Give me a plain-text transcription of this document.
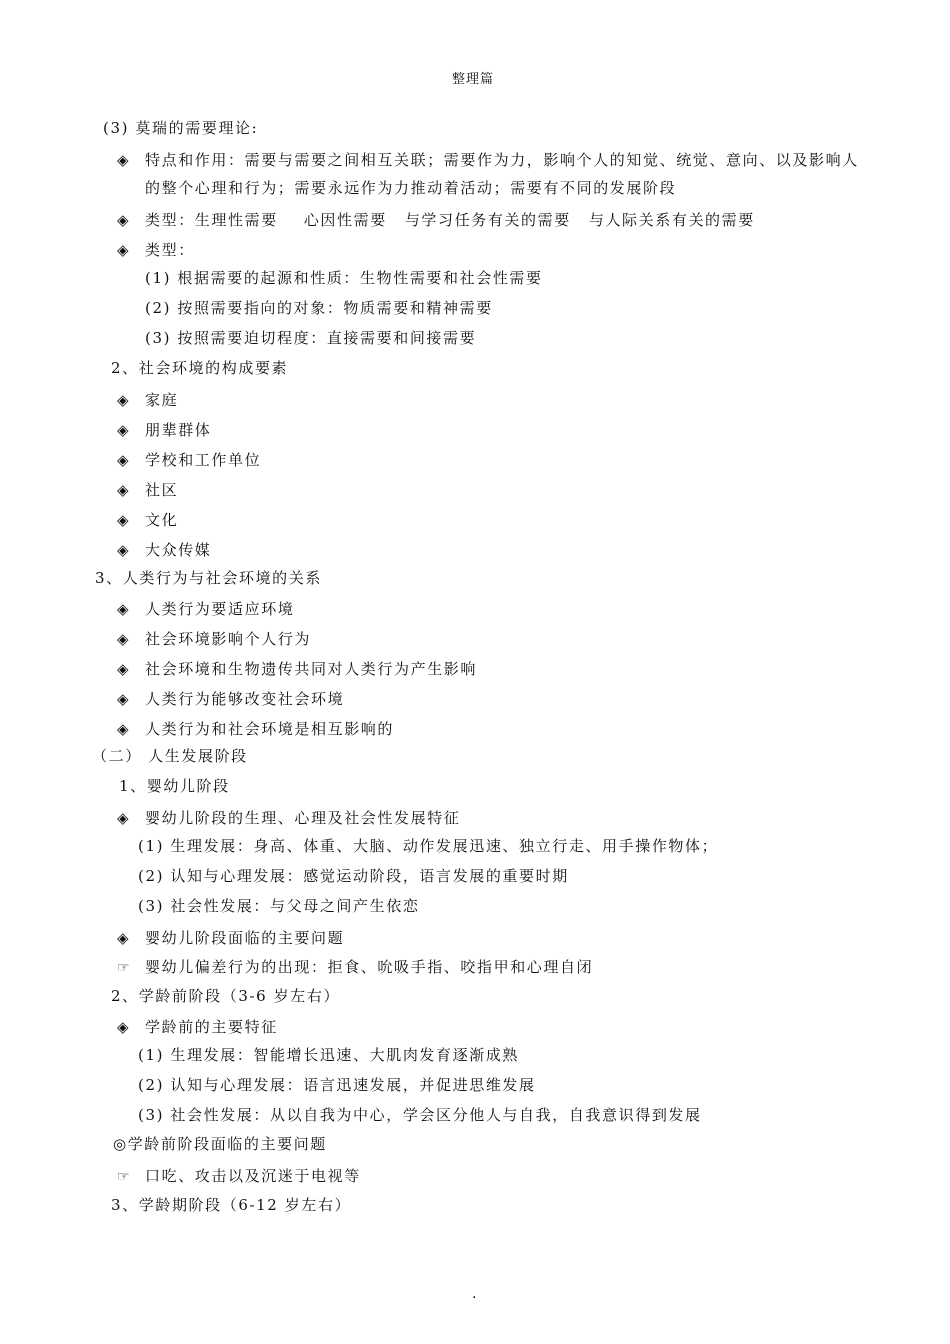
整理篇
(3) 莫瑞的需要理论:
◈ 特点和作用：需要与需要之间相互关联；需要作为力，影响个人的知觉、统觉、意向、以及影响人
的整个心理和行为；需要永远作为力推动着活动；需要有不同的发展阶段
◈ 类型：生理性需要 心因性需要 与学习任务有关的需要 与人际关系有关的需要
◈ 类型：
(1) 根据需要的起源和性质：生物性需要和社会性需要
(2) 按照需要指向的对象：物质需要和精神需要
(3) 按照需要迫切程度：直接需要和间接需要
2、社会环境的构成要素
◈ 家庭
◈ 朋辈群体
◈ 学校和工作单位
◈ 社区
◈ 文化
◈ 大众传媒
3、人类行为与社会环境的关系
◈ 人类行为要适应环境
◈ 社会环境影响个人行为
◈ 社会环境和生物遗传共同对人类行为产生影响
◈ 人类行为能够改变社会环境
◈ 人类行为和社会环境是相互影响的
（二） 人生发展阶段
1、婴幼儿阶段
◈ 婴幼儿阶段的生理、心理及社会性发展特征
(1) 生理发展：身高、体重、大脑、动作发展迅速、独立行走、用手操作物体；
(2) 认知与心理发展：感觉运动阶段，语言发展的重要时期
(3) 社会性发展：与父母之间产生依恋
◈ 婴幼儿阶段面临的主要问题
☞ 婴幼儿偏差行为的出现：拒食、吮吸手指、咬指甲和心理自闭
2、学龄前阶段（3-6 岁左右）
◈ 学龄前的主要特征
(1) 生理发展：智能增长迅速、大肌肉发育逐渐成熟
(2) 认知与心理发展：语言迅速发展，并促进思维发展
(3) 社会性发展：从以自我为中心，学会区分他人与自我，自我意识得到发展
◎学龄前阶段面临的主要问题
☞ 口吃、攻击以及沉迷于电视等
3、学龄期阶段（6-12 岁左右）
.
